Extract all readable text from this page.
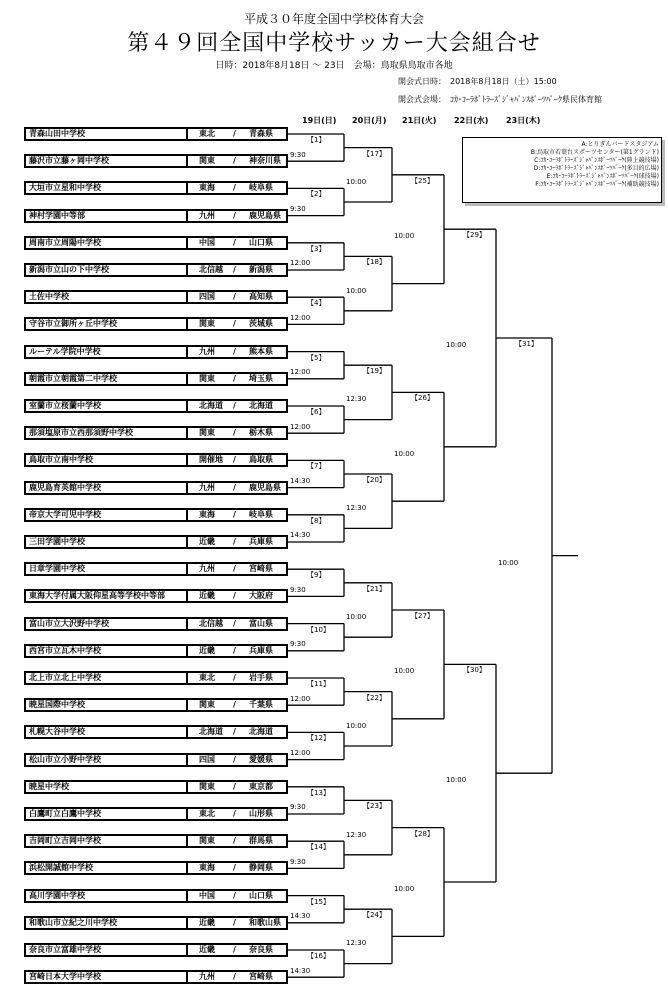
平成３０年度全国中学校体育大会
第４９回全国中学校サッカー大会組合せ
日時：2018年8月18日 ～ 23日　会場：鳥取県鳥取市各地
開会式日時：　2018年8月18日（土）15:00
開会式会場：　ｺｶ･ｺｰﾗﾎﾞﾄﾗｰｽﾞｼﾞｬﾊﾟﾝｽﾎﾟｰﾂﾊﾟｰｸ県民体育館
19日(日) 20日(月) 21日(火) 22日(水) 23日(木)
青森山田中学校	東北 / 青森県
藤沢市立藤ヶ岡中学校	関東 / 神奈川県
大垣市立星和中学校	東海 / 岐阜県
神村学園中等部	九州 / 鹿児島県
周南市立周陽中学校	中国 / 山口県
新潟市立山の下中学校	北信越 / 新潟県
土佐中学校	四国 / 高知県
守谷市立御所ヶ丘中学校	関東 / 茨城県
ルーテル学院中学校	九州 / 熊本県
朝霞市立朝霞第二中学校	関東 / 埼玉県
室蘭市立桜蘭中学校	北海道 / 北海道
那須塩原市立西那須野中学校	関東 / 栃木県
鳥取市立南中学校	開催地 / 鳥取県
鹿児島育英館中学校	九州 / 鹿児島県
帝京大学可児中学校	東海 / 岐阜県
三田学園中学校	近畿 / 兵庫県
日章学園中学校	九州 / 宮崎県
東海大学付属大阪仰星高等学校中等部	近畿 / 大阪府
富山市立大沢野中学校	北信越 / 富山県
西宮市立瓦木中学校	近畿 / 兵庫県
北上市立北上中学校	東北 / 岩手県
暁星国際中学校	関東 / 千葉県
札幌大谷中学校	北海道 / 北海道
松山市立小野中学校	四国 / 愛媛県
暁星中学校	関東 / 東京都
白鷹町立白鷹中学校	東北 / 山形県
吉岡町立吉岡中学校	関東 / 群馬県
浜松開誠館中学校	東海 / 静岡県
高川学園中学校	中国 / 山口県
和歌山市立紀之川中学校	近畿 / 和歌山県
奈良市立富雄中学校	近畿 / 奈良県
宮崎日本大学中学校	九州 / 宮崎県
【1】
9:30
【2】
9:30
【3】
12:00
【4】
12:00
【5】
12:00
【6】
12:00
【7】
14:30
【8】
14:30
【9】
9:30
【10】
9:30
【11】
12:00
【12】
12:00
【13】
9:30
【14】
9:30
【15】
14:30
【16】
14:30
【17】
10:00
【18】
10:00
【19】
12:30
【20】
12:30
【21】
10:00
【22】
10:00
【23】
12:30
【24】
12:30
【25】
10:00
【26】
10:00
【27】
10:00
【28】
10:00
【29】
10:00
【30】
10:00
【31】
10:00
A:とりぎんバードスタジアム
B:鳥取市若葉台スポーツセンター(第1グランド)
C:ｺｶ･ｺｰﾗﾎﾞﾄﾗｰｽﾞｼﾞｬﾊﾟﾝｽﾎﾟｰﾂﾊﾟｰｸ(陸上競技場)
D:ｺｶ･ｺｰﾗﾎﾞﾄﾗｰｽﾞｼﾞｬﾊﾟﾝｽﾎﾟｰﾂﾊﾟｰｸ(多目的広場)
E:ｺｶ･ｺｰﾗﾎﾞﾄﾗｰｽﾞｼﾞｬﾊﾟﾝｽﾎﾟｰﾂﾊﾟｰｸ(球技場)
F:ｺｶ･ｺｰﾗﾎﾞﾄﾗｰｽﾞｼﾞｬﾊﾟﾝｽﾎﾟｰﾂﾊﾟｰｸ(補助競技場)
